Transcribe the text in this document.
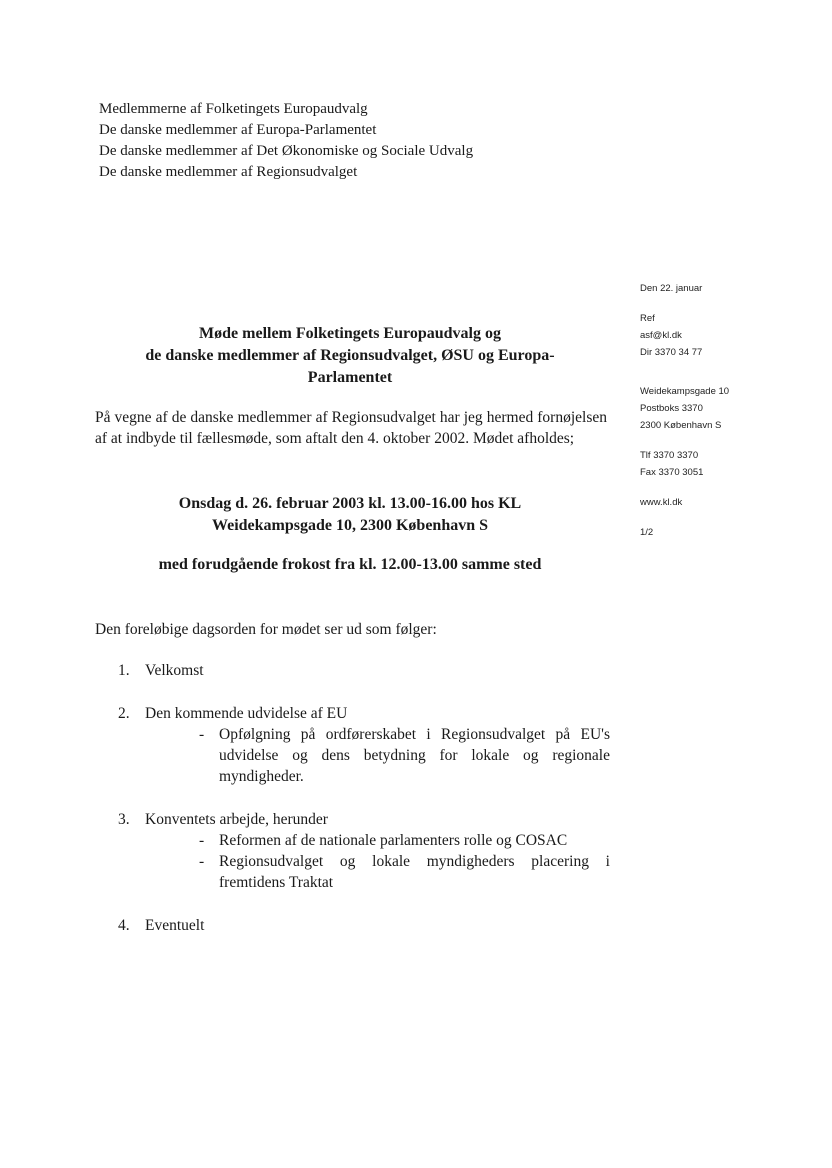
Medlemmerne af Folketingets Europaudvalg
De danske medlemmer af Europa-Parlamentet
De danske medlemmer af Det Økonomiske og Sociale Udvalg
De danske medlemmer af Regionsudvalget
Den 22. januar
Ref
asf@kl.dk
Dir 3370 34 77
Weidekampsgade 10
Postboks 3370
2300 København S
Tlf 3370 3370
Fax 3370 3051
www.kl.dk
1/2
Møde mellem Folketingets Europaudvalg og
de danske medlemmer af Regionsudvalget, ØSU og Europa-
Parlamentet
På vegne af de danske medlemmer af Regionsudvalget har jeg hermed fornøjelsen af at indbyde til fællesmøde, som aftalt den 4. oktober 2002. Mødet afholdes;
Onsdag d. 26. februar 2003 kl. 13.00-16.00 hos KL
Weidekampsgade 10, 2300 København S
med forudgående frokost fra kl. 12.00-13.00 samme sted
Den foreløbige dagsorden for mødet ser ud som følger:
1. Velkomst
2. Den kommende udvidelse af EU
- Opfølgning på ordførerskabet i Regionsudvalget på EU's udvidelse og dens betydning for lokale og regionale myndigheder.
3. Konventets arbejde, herunder
- Reformen af de nationale parlamenters rolle og COSAC
- Regionsudvalget og lokale myndigheders placering i fremtidens Traktat
4. Eventuelt
